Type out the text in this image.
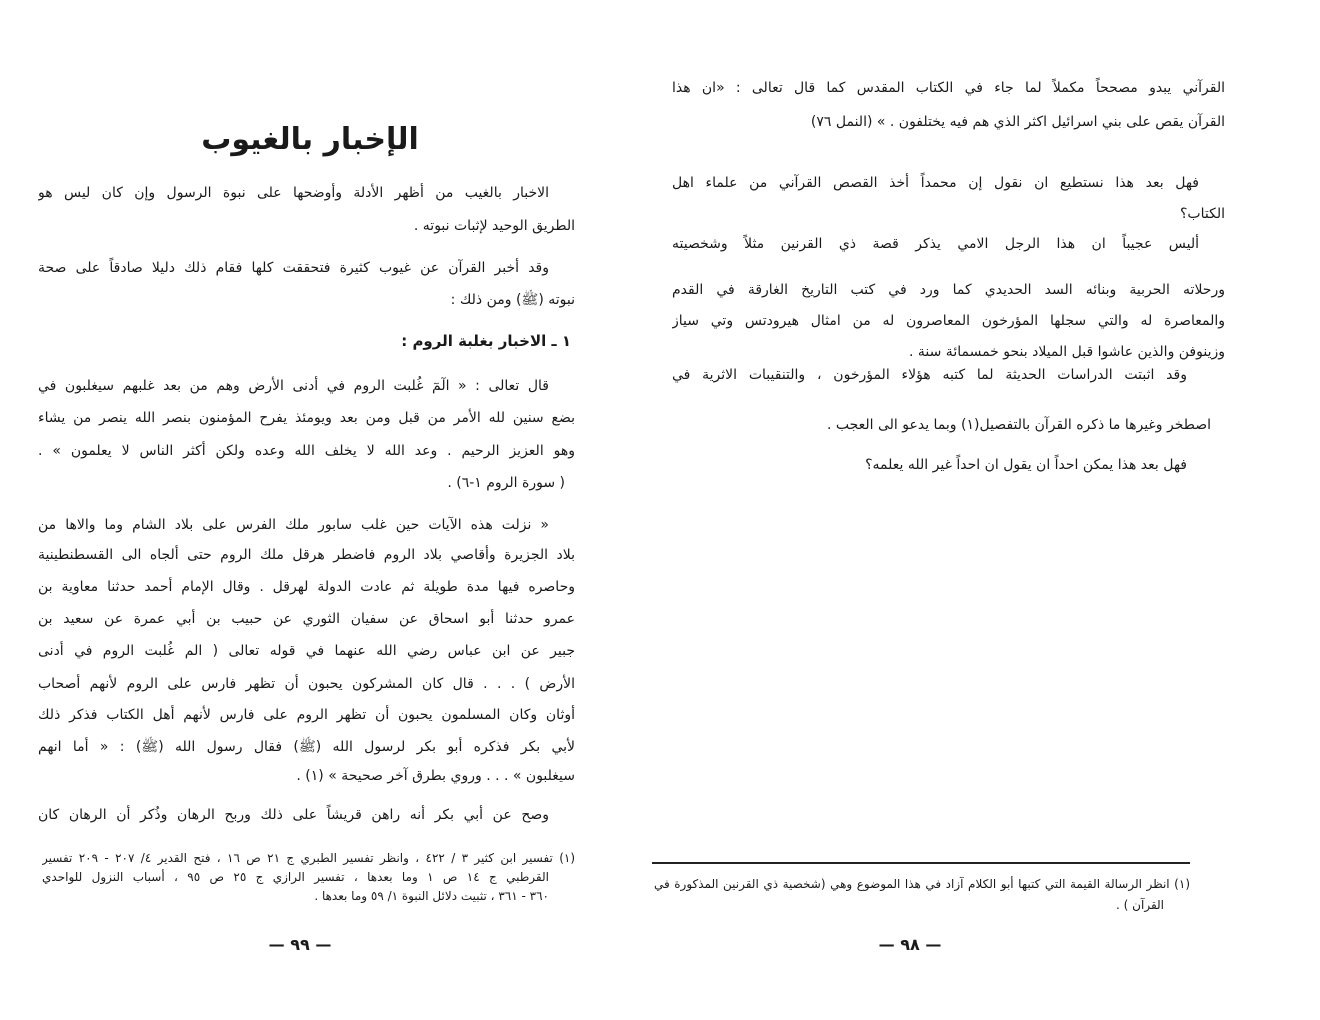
الإخبار بالغيوب
الاخبار بالغيب من أظهر الأدلة وأوضحها على نبوة الرسول وإن كان ليس هو
الطريق الوحيد لإثبات نبوته .
وقد أخبر القرآن عن غيوب كثيرة فتحققت كلها فقام ذلك دليلا صادقاً على صحة
نبوته (ﷺ) ومن ذلك :
١ ـ الاخبار بغلبة الروم :
قال تعالى : « الٓمٓ غُلبت الروم في أدنى الأرض وهم من بعد غلبهم سيغلبون في
بضع سنين لله الأمر من قبل ومن بعد ويومئذ يفرح المؤمنون بنصر الله ينصر من يشاء
وهو العزيز الرحيم . وعد الله لا يخلف الله وعده ولكن أكثر الناس لا يعلمون » .
( سورة الروم ١-٦) .
« نزلت هذه الآيات حين غلب سابور ملك الفرس على بلاد الشام وما والاها من
بلاد الجزيرة وأقاصي بلاد الروم فاضطر هرقل ملك الروم حتى ألجاه الى القسطنطينية
وحاصره فيها مدة طويلة ثم عادت الدولة لهرقل . وقال الإمام أحمد حدثنا معاوية بن
عمرو حدثنا أبو اسحاق عن سفيان الثوري عن حبيب بن أبي عمرة عن سعيد بن
جبير عن ابن عباس رضي الله عنهما في قوله تعالى ( الم غُلبت الروم في أدنى
الأرض ) . . . قال كان المشركون يحبون أن تظهر فارس على الروم لأنهم أصحاب
أوثان وكان المسلمون يحبون أن تظهر الروم على فارس لأنهم أهل الكتاب فذكر ذلك
لأبي بكر فذكره أبو بكر لرسول الله (ﷺ) فقال رسول الله (ﷺ) : « أما انهم
سيغلبون » . . . وروي بطرق آخر صحيحة » (١) .
وصح عن أبي بكر أنه راهن قريشاً على ذلك وربح الرهان وذُكر أن الرهان كان
(١) تفسير ابن كثير ٣ / ٤٢٢ ، وانظر تفسير الطبري ج ٢١ ص ١٦ ، فتح القدير ٤/ ٢٠٧ - ٢٠٩ تفسير
القرطبي ج ١٤ ص ١ وما بعدها ، تفسير الرازي ج ٢٥ ص ٩٥ ، أسباب النزول للواحدي
٣٦٠ - ٣٦١ ، تثبيت دلائل النبوة ١/ ٥٩ وما بعدها .
— ٩٩ —
القرآني يبدو مصححاً مكملاً لما جاء في الكتاب المقدس كما قال تعالى : «ان هذا
القرآن يقص على بني اسرائيل اكثر الذي هم فيه يختلفون . » (النمل ٧٦)
فهل بعد هذا نستطيع ان نقول إن محمداً أخذ القصص القرآني من علماء اهل
الكتاب؟
أليس عجيباً ان هذا الرجل الامي يذكر قصة ذي القرنين مثلاً وشخصيته
ورحلاته الحربية وبنائه السد الحديدي كما ورد في كتب التاريخ الغارقة في القدم
والمعاصرة له والتي سجلها المؤرخون المعاصرون له من امثال هيرودتس وتي سياز
وزينوفن والذين عاشوا قبل الميلاد بنحو خمسمائة سنة .
وقد اثبتت الدراسات الحديثة لما كتبه هؤلاء المؤرخون ، والتنقيبات الاثرية في
اصطخر وغيرها ما ذكره القرآن بالتفصيل(١) وبما يدعو الى العجب .
فهل بعد هذا يمكن احداً ان يقول ان احداً غير الله يعلمه؟
(١) انظر الرسالة القيمة التي كتبها أبو الكلام آزاد في هذا الموضوع وهي (شخصية ذي القرنين المذكورة في
القرآن ) .
— ٩٨ —
